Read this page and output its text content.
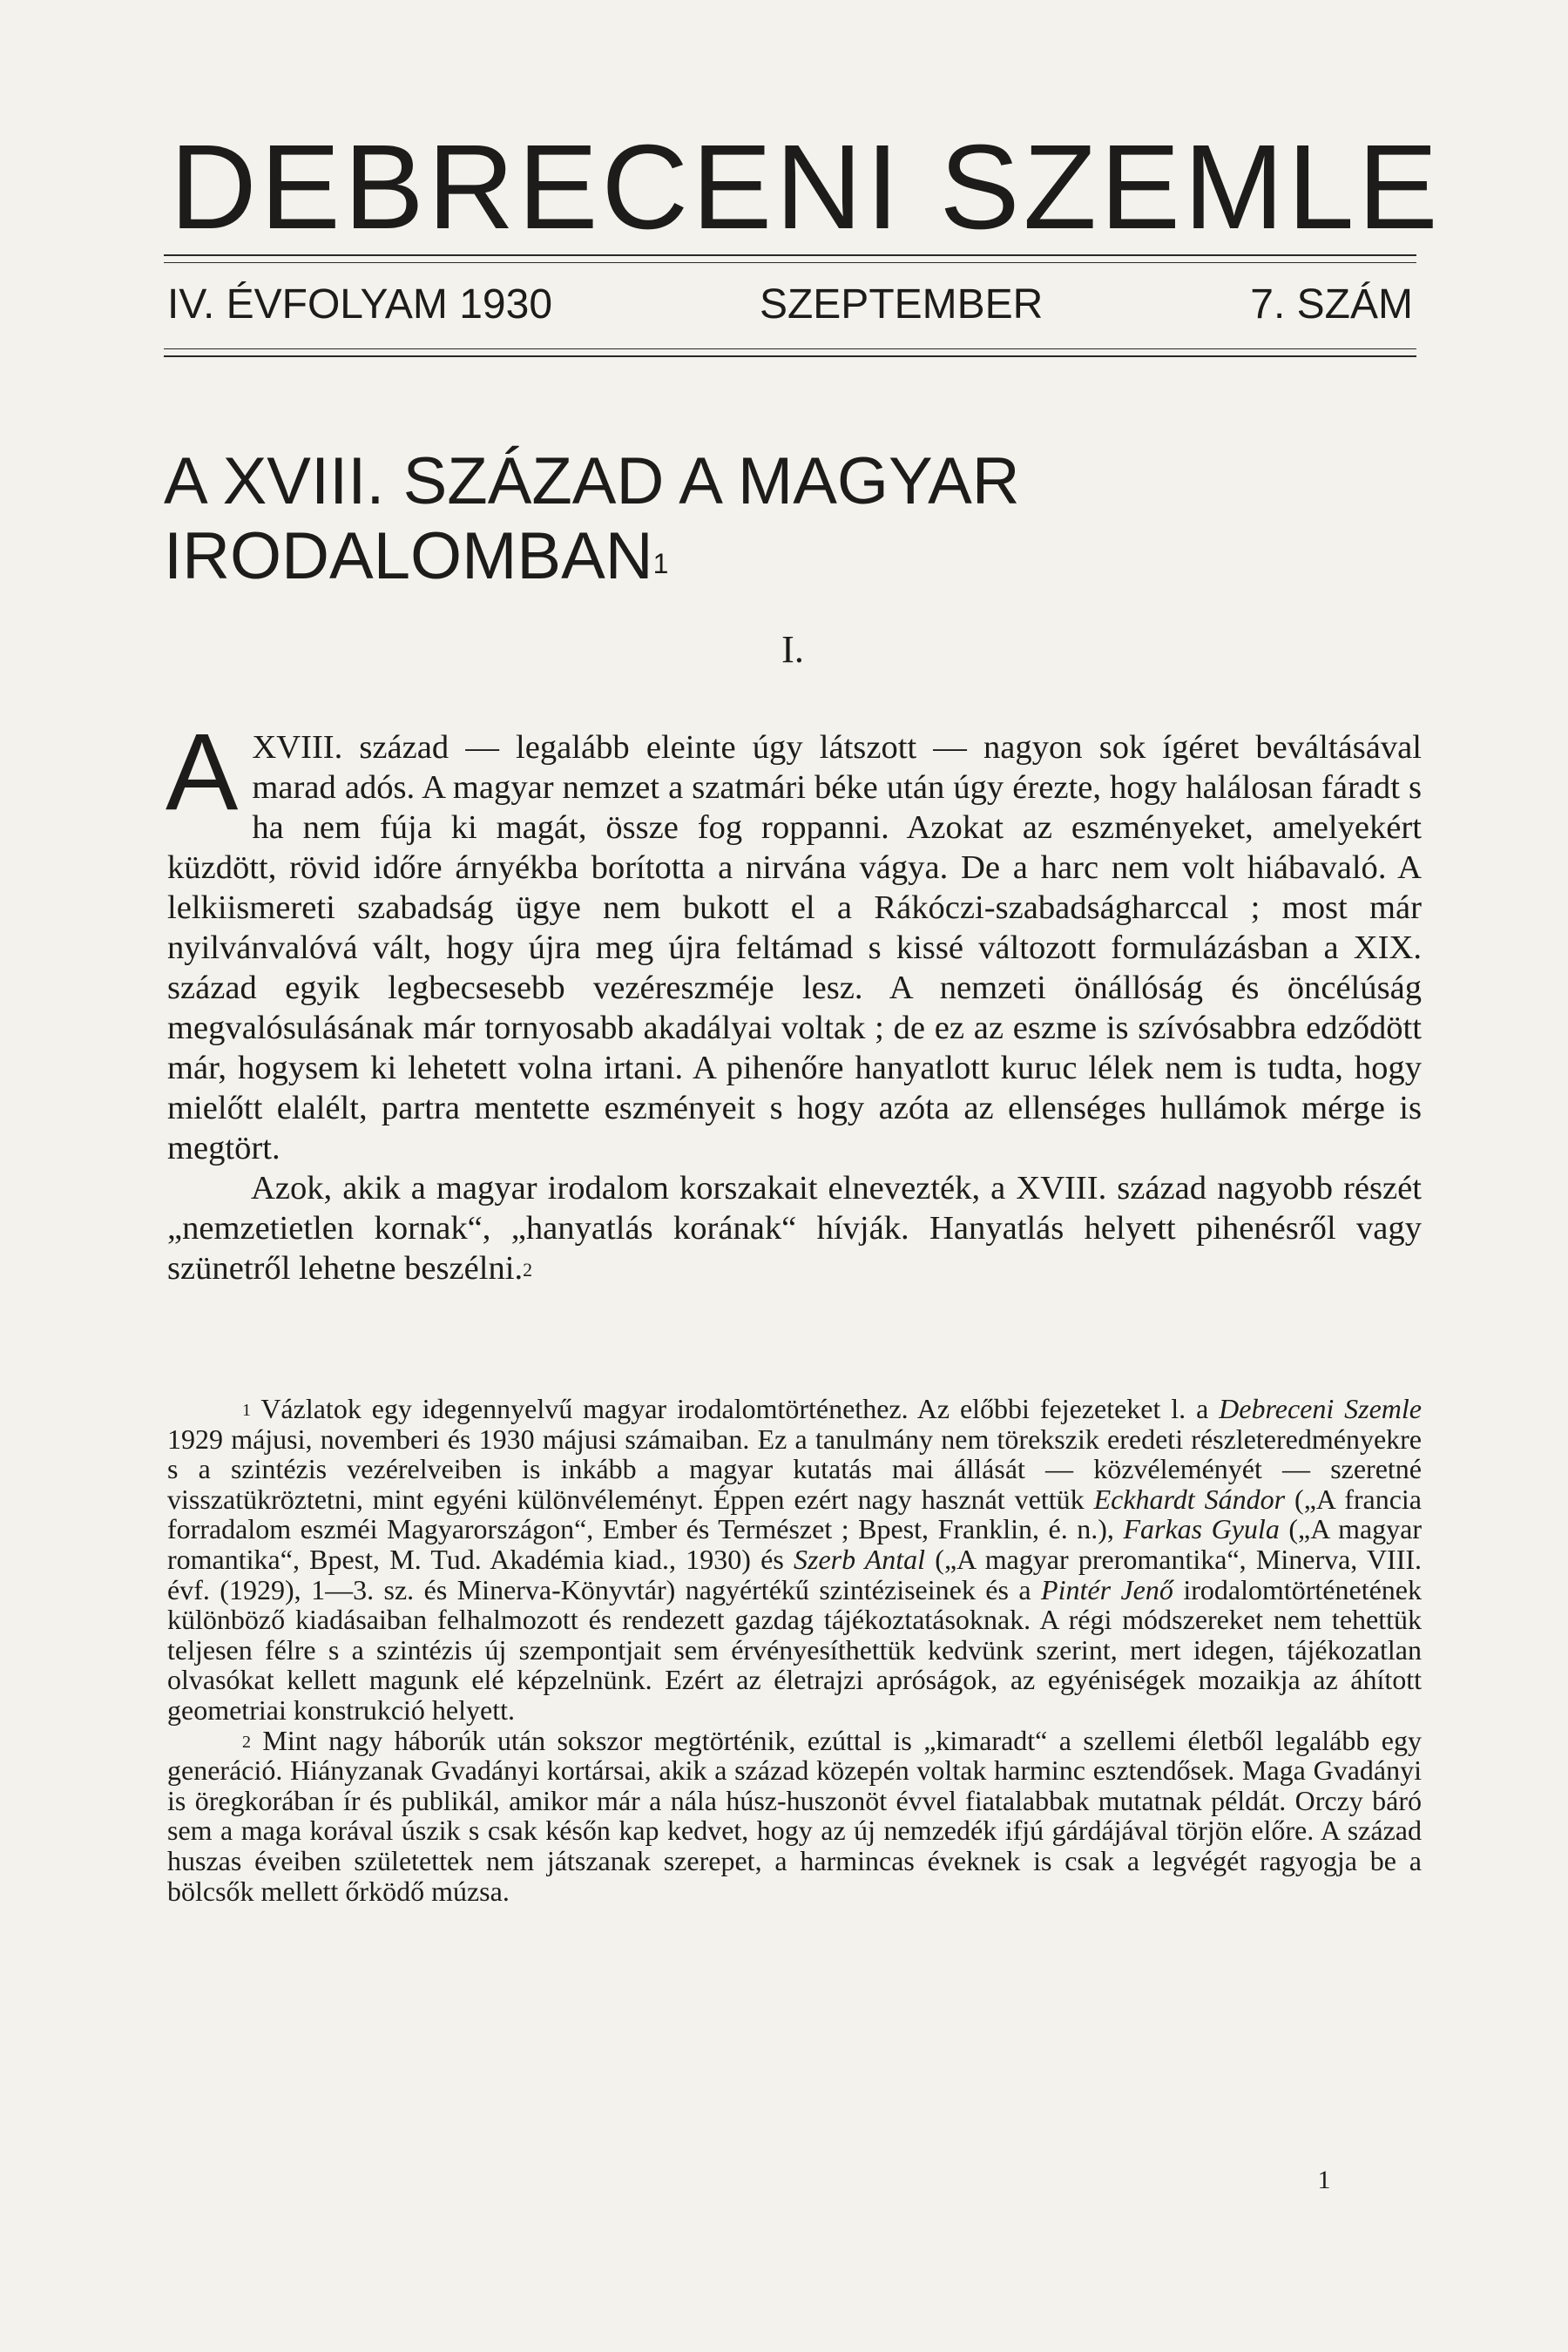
DEBRECENI SZEMLE
IV. ÉVFOLYAM 1930	SZEPTEMBER	7. SZÁM
A XVIII. SZÁZAD A MAGYAR
IRODALOMBAN$^1$
I.

A XVIII. század — legalább eleinte úgy látszott — nagyon sok ígéret beváltásával marad adós. A magyar nemzet a szatmári béke után úgy érezte, hogy halálosan fáradt s ha nem fúja ki magát, össze fog roppanni. Azokat az eszményeket, amelyekért küzdött, rövid időre árnyékba borította a nirvána vágya. De a harc nem volt hiábavaló. A lelkiismereti szabadság ügye nem bukott el a Rákóczi-szabadságharccal ; most már nyilvánvalóvá vált, hogy újra meg újra feltámad s kissé változott formulázásban a XIX. század egyik legbecsesebb vezéreszméje lesz. A nemzeti önállóság és öncélúság megvalósulásának már tornyosabb akadályai voltak ; de ez az eszme is szívósabbra edződött már, hogysem ki lehetett volna irtani. A pihenőre hanyatlott kuruc lélek nem is tudta, hogy mielőtt elalélt, partra mentette eszményeit s hogy azóta az ellenséges hullámok mérge is megtört.

Azok, akik a magyar irodalom korszakait elnevezték, a XVIII. század nagyobb részét „nemzetietlen kornak“, „hanyatlás korának“ hívják. Hanyatlás helyett pihenésről vagy szünetről lehetne beszélni.$^2$

$^1$ Vázlatok egy idegennyelvű magyar irodalomtörténethez. Az előbbi fejezeteket l. a Debreceni Szemle 1929 májusi, novemberi és 1930 májusi számaiban. Ez a tanulmány nem törekszik eredeti részleteredményekre s a szintézis vezérelveiben is inkább a magyar kutatás mai állását — közvéleményét — szeretné visszatükröztetni, mint egyéni különvéleményt. Éppen ezért nagy hasznát vettük Eckhardt Sándor („A francia forradalom eszméi Magyarországon“, Ember és Természet ; Bpest, Franklin, é. n.), Farkas Gyula („A magyar romantika“, Bpest, M. Tud. Akadémia kiad., 1930) és Szerb Antal („A magyar preromantika“, Minerva, VIII. évf. (1929), 1—3. sz. és Minerva-Könyvtár) nagyértékű szintéziseinek és a Pintér Jenő irodalomtörténetének különböző kiadásaiban felhalmozott és rendezett gazdag tájékoztatásoknak. A régi módszereket nem tehettük teljesen félre s a szintézis új szempontjait sem érvényesíthettük kedvünk szerint, mert idegen, tájékozatlan olvasókat kellett magunk elé képzelnünk. Ezért az életrajzi apróságok, az egyéniségek mozaikja az áhított geometriai konstrukció helyett.

$^2$ Mint nagy háborúk után sokszor megtörténik, ezúttal is „kimaradt“ a szellemi életből legalább egy generáció. Hiányzanak Gvadányi kortársai, akik a század közepén voltak harminc esztendősek. Maga Gvadányi is öregkorában ír és publikál, amikor már a nála húsz-huszonöt évvel fiatalabbak mutatnak példát. Orczy báró sem a maga korával úszik s csak későn kap kedvet, hogy az új nemzedék ifjú gárdájával törjön előre. A század huszas éveiben születettek nem játszanak szerepet, a harmincas éveknek is csak a legvégét ragyogja be a bölcsők mellett őrködő múzsa.

1
